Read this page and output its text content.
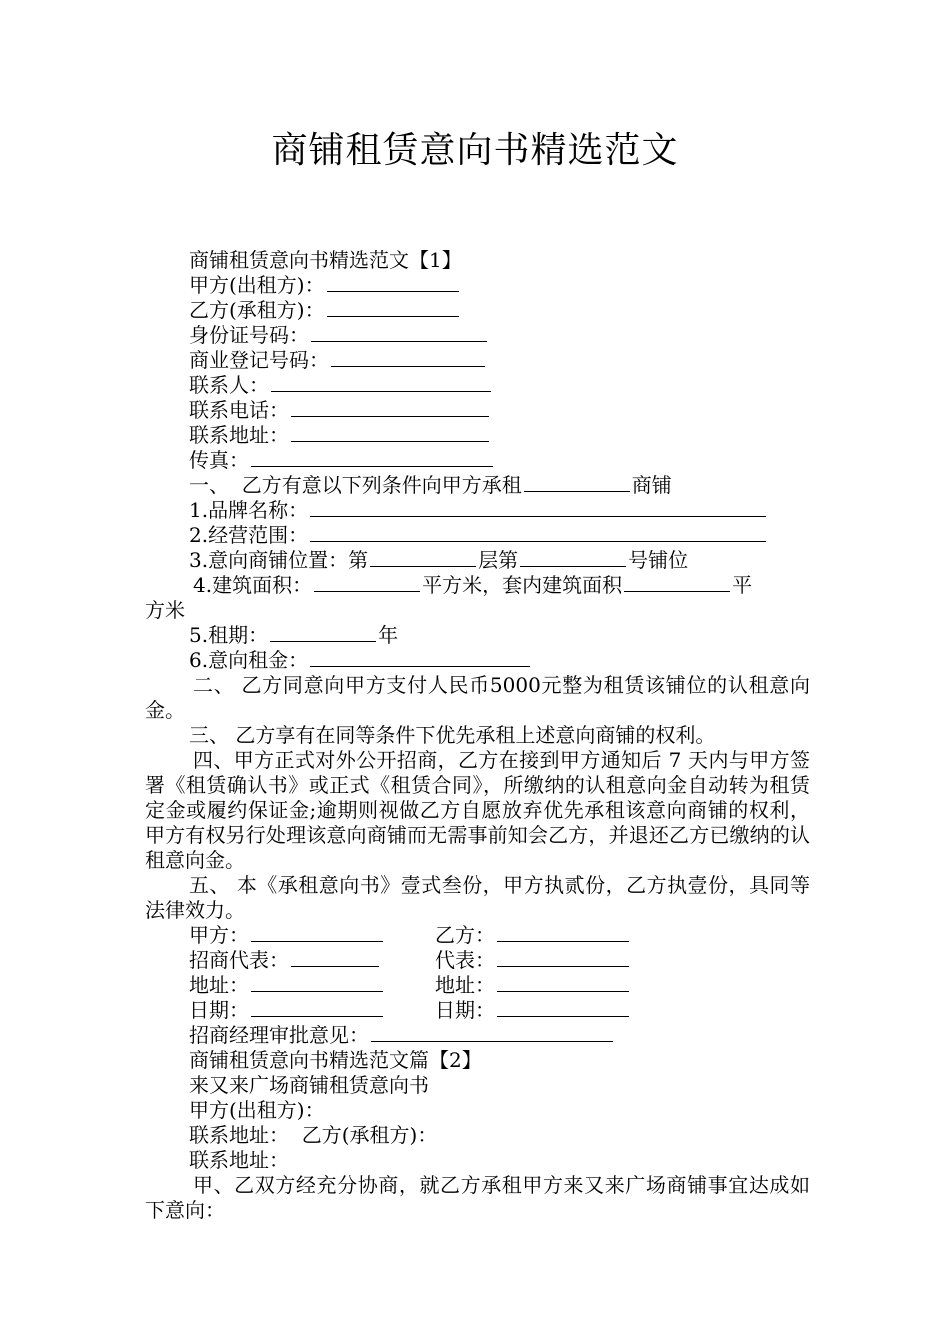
商铺租赁意向书精选范文
商铺租赁意向书精选范文【1】
甲方(出租方)：
乙方(承租方)：
身份证号码：
商业登记号码：
联系人：
联系电话：
联系地址：
传真：
一、  乙方有意以下列条件向甲方承租	商铺
1.品牌名称：
2.经营范围：
3.意向商铺位置：第	层第	号铺位
4.建筑面积：	平方米，套内建筑面积	平
方米
5.租期：	年
6.意向租金：
二、 乙方同意向甲方支付人民币5000元整为租赁该铺位的认租意向金。
三、 乙方享有在同等条件下优先承租上述意向商铺的权利。
四、甲方正式对外公开招商，乙方在接到甲方通知后 7 天内与甲方签署《租赁确认书》或正式《租赁合同》，所缴纳的认租意向金自动转为租赁定金或履约保证金;逾期则视做乙方自愿放弃优先承租该意向商铺的权利，甲方有权另行处理该意向商铺而无需事前知会乙方，并退还乙方已缴纳的认租意向金。
五、 本《承租意向书》壹式叁份，甲方执贰份，乙方执壹份，具同等法律效力。
甲方：	乙方：
招商代表：	代表：
地址：	地址：
日期：	日期：
招商经理审批意见：
商铺租赁意向书精选范文篇【2】
来又来广场商铺租赁意向书
甲方(出租方)：
联系地址：  乙方(承租方)：
联系地址：
甲、乙双方经充分协商，就乙方承租甲方来又来广场商铺事宜达成如下意向：
